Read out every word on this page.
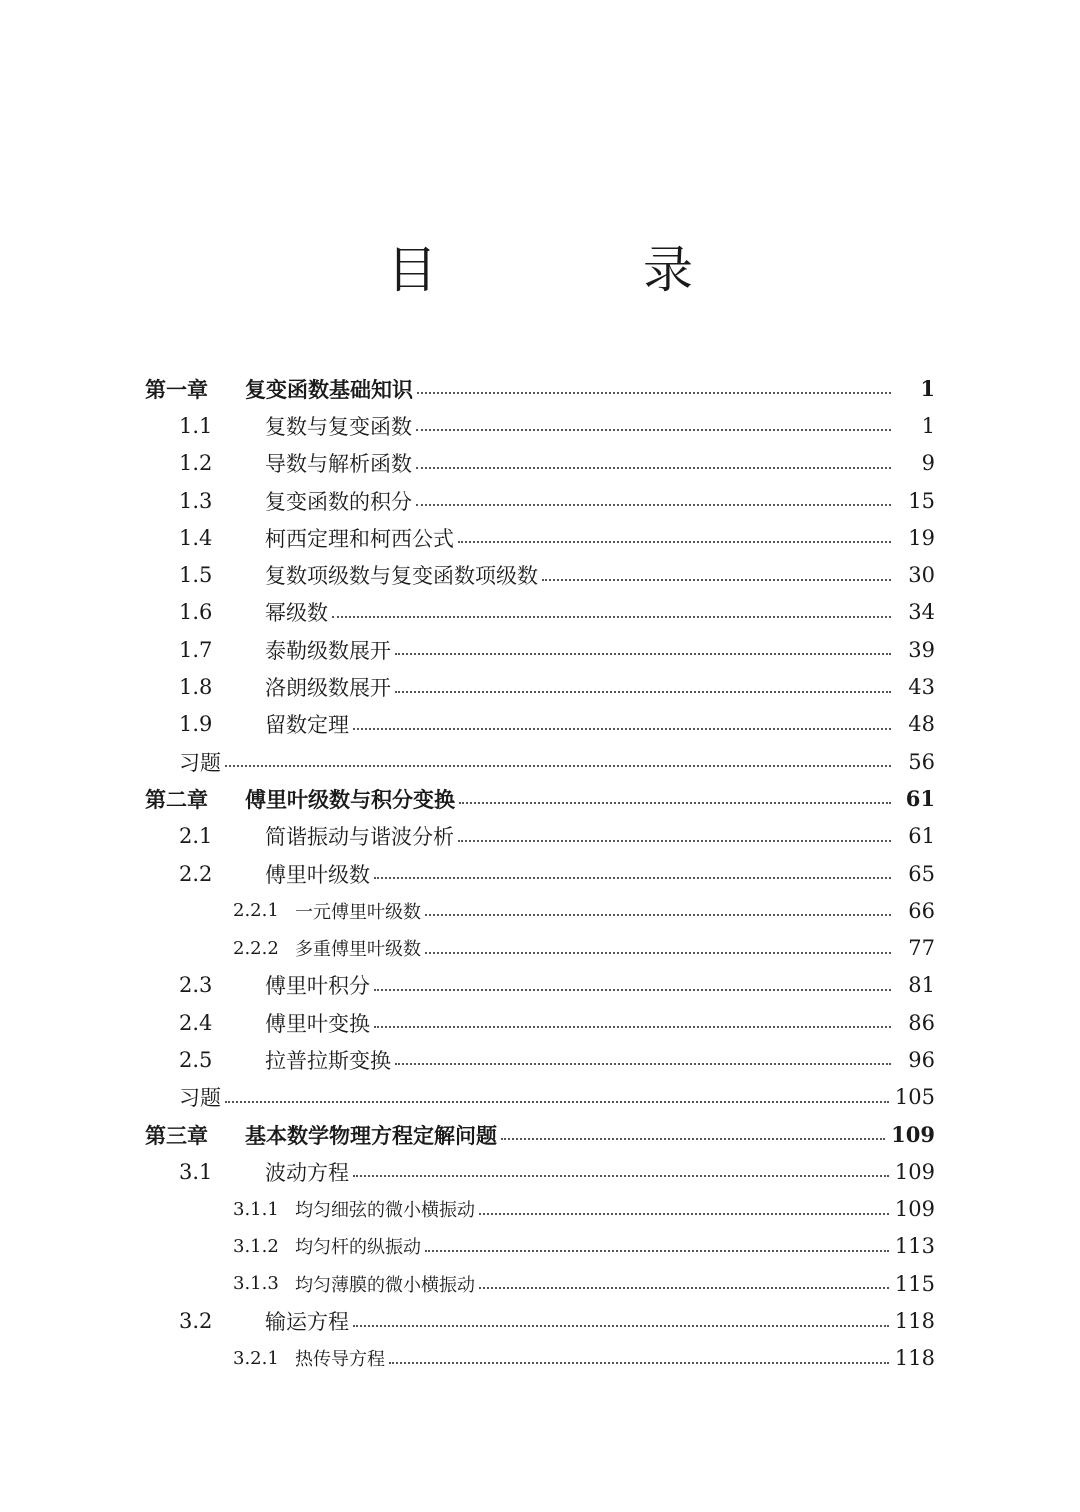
目　录
第一章	复变函数基础知识	1
1.1	复数与复变函数	1
1.2	导数与解析函数	9
1.3	复变函数的积分	15
1.4	柯西定理和柯西公式	19
1.5	复数项级数与复变函数项级数	30
1.6	幂级数	34
1.7	泰勒级数展开	39
1.8	洛朗级数展开	43
1.9	留数定理	48
习题	56
第二章	傅里叶级数与积分变换	61
2.1	简谐振动与谐波分析	61
2.2	傅里叶级数	65
2.2.1 一元傅里叶级数	66
2.2.2 多重傅里叶级数	77
2.3	傅里叶积分	81
2.4	傅里叶变换	86
2.5	拉普拉斯变换	96
习题	105
第三章	基本数学物理方程定解问题	109
3.1	波动方程	109
3.1.1 均匀细弦的微小横振动	109
3.1.2 均匀杆的纵振动	113
3.1.3 均匀薄膜的微小横振动	115
3.2	输运方程	118
3.2.1 热传导方程	118
